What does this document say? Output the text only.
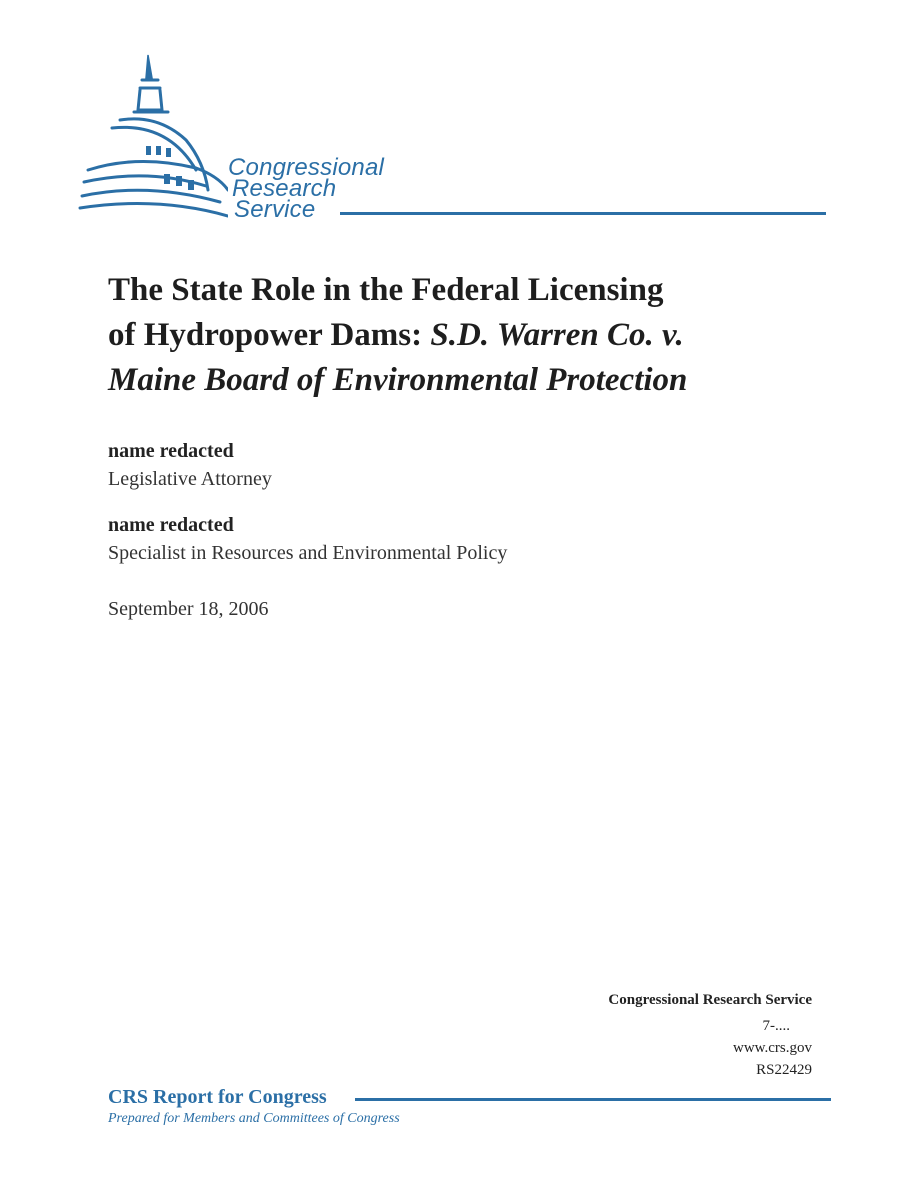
Congressional
Research
Service
The State Role in the Federal Licensing
of Hydropower Dams: S.D. Warren Co. v.
Maine Board of Environmental Protection
name redacted
Legislative Attorney
name redacted
Specialist in Resources and Environmental Policy
September 18, 2006
Congressional Research Service
7-....
www.crs.gov
RS22429
CRS Report for Congress
Prepared for Members and Committees of Congress
